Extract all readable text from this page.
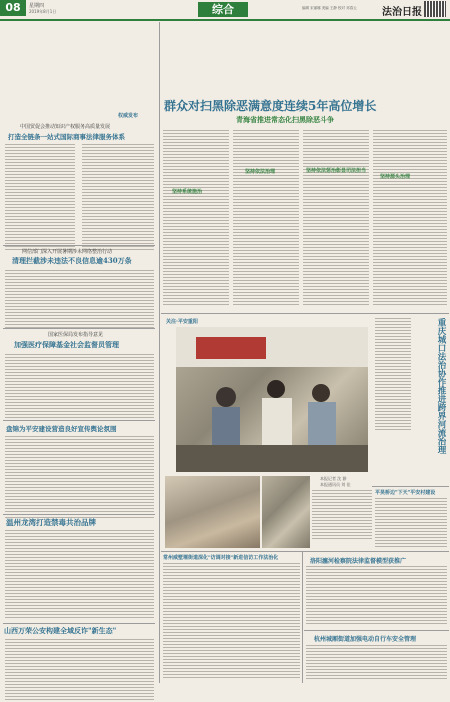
08	星期四
2019年8月1日	综合	编辑 宋丽娜 美编 王静 校对 邓春云	法治日报
权威发布
中国贸促会推动知识产权服务高质量发展
打造全链条一站式国际商事法律服务体系
网信部门深入开展暑期涉未网络整治行动
清理拦截涉未违法不良信息逾430万条
国家医保局发布指导意见
加强医疗保障基金社会监督员管理
盘锦为平安建设营造良好宣传舆论氛围
温州龙湾打造禁毒共治品牌
山西万荣公安构建全域反诈"新生态"
群众对扫黑除恶满意度连续5年高位增长
青海省推进常态化扫黑除恶斗争
坚持系统施治
坚持依法治理	坚持依法惩治彰显司法担当
坚持源头治理
关注·平安重阳
本报记者 沈 渺
本报通讯员 刘 佳
重庆城口法治协作推进跨界河流治理
平昊桥边"下天"平安村建设
常州威墅堰街道深化"访调对接"新进信访工作法治化	洛阳瀍河检察院法律监督模型获推广
杭州城厢街道加强电动自行车安全管理
